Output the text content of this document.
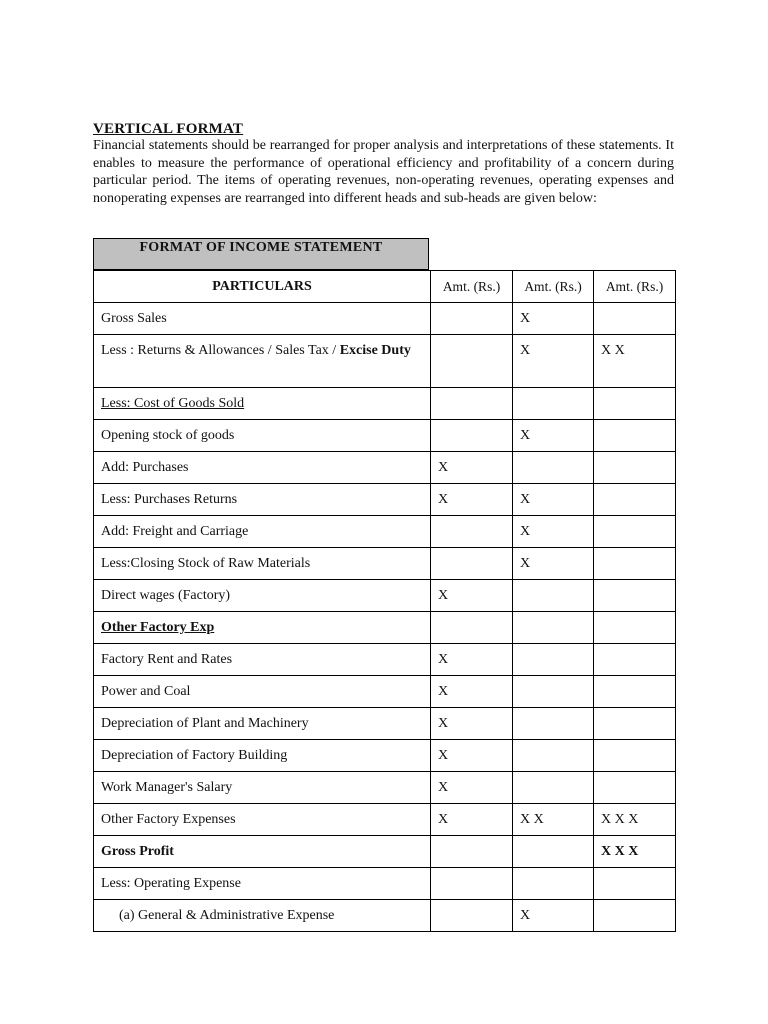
VERTICAL FORMAT

Financial statements should be rearranged for proper analysis and interpretations of these statements. It enables to measure the performance of operational efficiency and profitability of a concern during particular period. The items of operating revenues, non-operating revenues, operating expenses and nonoperating expenses are rearranged into different heads and sub-heads are given below:

FORMAT OF INCOME STATEMENT
PARTICULARS	Amt. (Rs.)	Amt. (Rs.)	Amt. (Rs.)
Gross Sales		X	
Less : Returns & Allowances / Sales Tax / Excise Duty		X	X X
Less: Cost of Goods Sold			
Opening stock of goods		X	
Add: Purchases	X		
Less: Purchases Returns	X	X	
Add: Freight and Carriage		X	
Less:Closing Stock of Raw Materials		X	
Direct wages (Factory)	X		
Other Factory Exp			
Factory Rent and Rates	X		
Power and Coal	X		
Depreciation of Plant and Machinery	X		
Depreciation of Factory Building	X		
Work Manager's Salary	X		
Other Factory Expenses	X	X X	X X X
Gross Profit			X X X
Less: Operating Expense			
(a) General & Administrative Expense		X	
